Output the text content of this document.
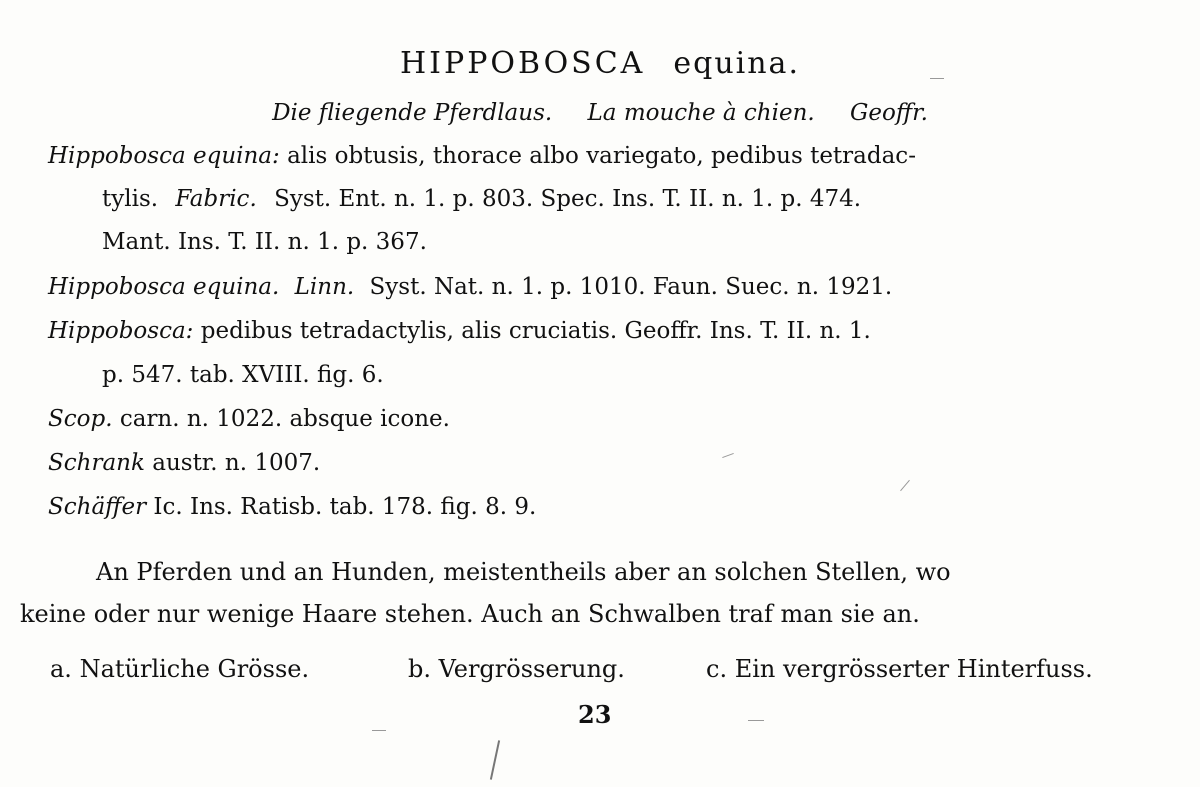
HIPPOBOSCA equina.
Die fliegende Pferdlaus. La mouche à chien. Geoffr.
Hippobosca equina: alis obtusis, thorace albo variegato, pedibus tetradac-
tylis. Fabric. Syst. Ent. n. 1. p. 803. Spec. Ins. T. II. n. 1. p. 474.
Mant. Ins. T. II. n. 1. p. 367.
Hippobosca equina. Linn. Syst. Nat. n. 1. p. 1010. Faun. Suec. n. 1921.
Hippobosca: pedibus tetradactylis, alis cruciatis. Geoffr. Ins. T. II. n. 1.
p. 547. tab. XVIII. fig. 6.
Scop. carn. n. 1022. absque icone.
Schrank austr. n. 1007.
Schäffer Ic. Ins. Ratisb. tab. 178. fig. 8. 9.
An Pferden und an Hunden, meistentheils aber an solchen Stellen, wo
keine oder nur wenige Haare stehen. Auch an Schwalben traf man sie an.
a. Natürliche Grösse.	b. Vergrösserung.	c. Ein vergrösserter Hinterfuss.
23
